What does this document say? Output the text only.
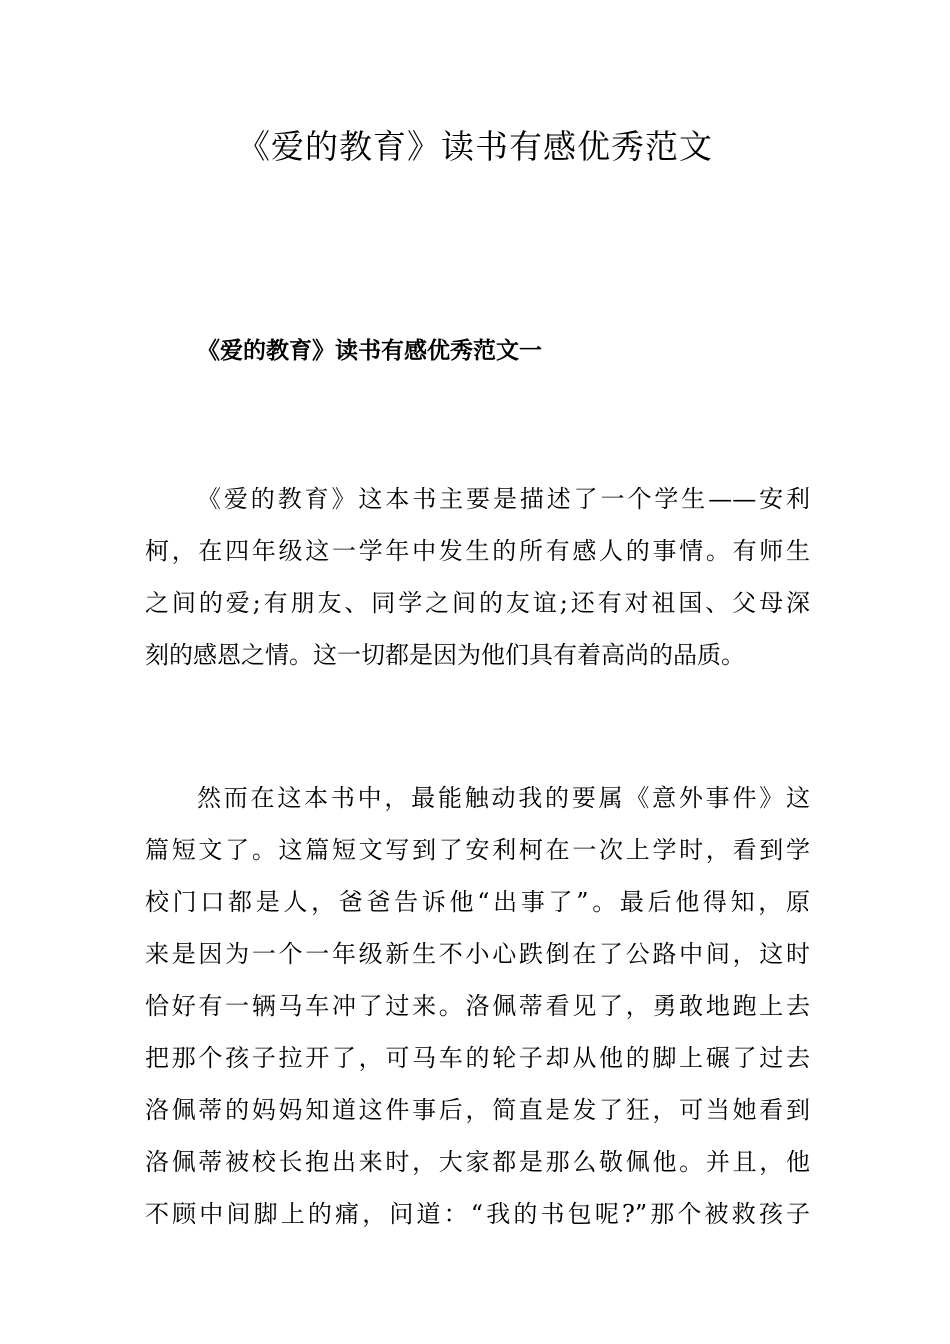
《爱的教育》读书有感优秀范文
《爱的教育》读书有感优秀范文一
《爱的教育》这本书主要是描述了一个学生——安利
柯，在四年级这一学年中发生的所有感人的事情。有师生
之间的爱;有朋友、同学之间的友谊;还有对祖国、父母深
刻的感恩之情。这一切都是因为他们具有着高尚的品质。
然而在这本书中，最能触动我的要属《意外事件》这
篇短文了。这篇短文写到了安利柯在一次上学时，看到学
校门口都是人，爸爸告诉他“出事了”。最后他得知，原
来是因为一个一年级新生不小心跌倒在了公路中间，这时
恰好有一辆马车冲了过来。洛佩蒂看见了，勇敢地跑上去
把那个孩子拉开了，可马车的轮子却从他的脚上碾了过去
洛佩蒂的妈妈知道这件事后，简直是发了狂，可当她看到
洛佩蒂被校长抱出来时，大家都是那么敬佩他。并且，他
不顾中间脚上的痛，问道：“我的书包呢?”那个被救孩子
